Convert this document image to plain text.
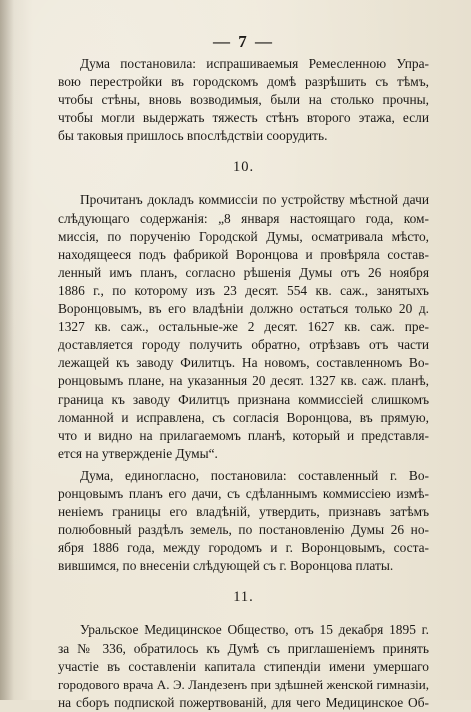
— 7 —

Дума постановила: испрашиваемыя Ремесленною Упра-
вою перестройки въ городскомъ домѣ разрѣшить съ тѣмъ,
чтобы стѣны, вновь возводимыя, были на столько прочны,
чтобы могли выдержать тяжесть стѣнъ второго этажа, если
бы таковыя пришлось впослѣдствіи соорудить.

10.

Прочитанъ докладъ коммиссіи по устройству мѣстной дачи
слѣдующаго содержанія: „8 января настоящаго года, ком-
миссія, по порученію Городской Думы, осматривала мѣсто,
находящееся подъ фабрикой Воронцова и провѣряла состав-
ленный имъ планъ, согласно рѣшенія Думы отъ 26 ноября
1886 г., по которому изъ 23 десят. 554 кв. саж., занятыхъ
Воронцовымъ, въ его владѣніи должно остаться только 20 д.
1327 кв. саж., остальные-же 2 десят. 1627 кв. саж. пре-
доставляется городу получить обратно, отрѣзавъ отъ части
лежащей къ заводу Филитцъ. На новомъ, составленномъ Во-
ронцовымъ плане, на указанныя 20 десят. 1327 кв. саж. планѣ,
граница къ заводу Филитцъ признана коммиссіей слишкомъ
ломанной и исправлена, съ согласія Воронцова, въ прямую,
что и видно на прилагаемомъ планѣ, который и представля-
ется на утвержденіе Думы“.

Дума, единогласно, постановила: составленный г. Во-
ронцовымъ планъ его дачи, съ сдѣланнымъ коммиссіею измѣ-
неніемъ границы его владѣній, утвердить, признавъ затѣмъ
полюбовный раздѣлъ земель, по постановленію Думы 26 но-
ября 1886 года, между городомъ и г. Воронцовымъ, соста-
вившимся, по внесеніи слѣдующей съ г. Воронцова платы.

11.

Уральское Медицинское Общество, отъ 15 декабря 1895 г.
за № 336, обратилось къ Думѣ съ приглашеніемъ принять
участіе въ составленіи капитала стипендіи имени умершаго
городового врача А. Э. Ландезенъ при здѣшней женской гимназіи,
на сборъ подпиской пожертвованій, для чего Медицинское Об-
